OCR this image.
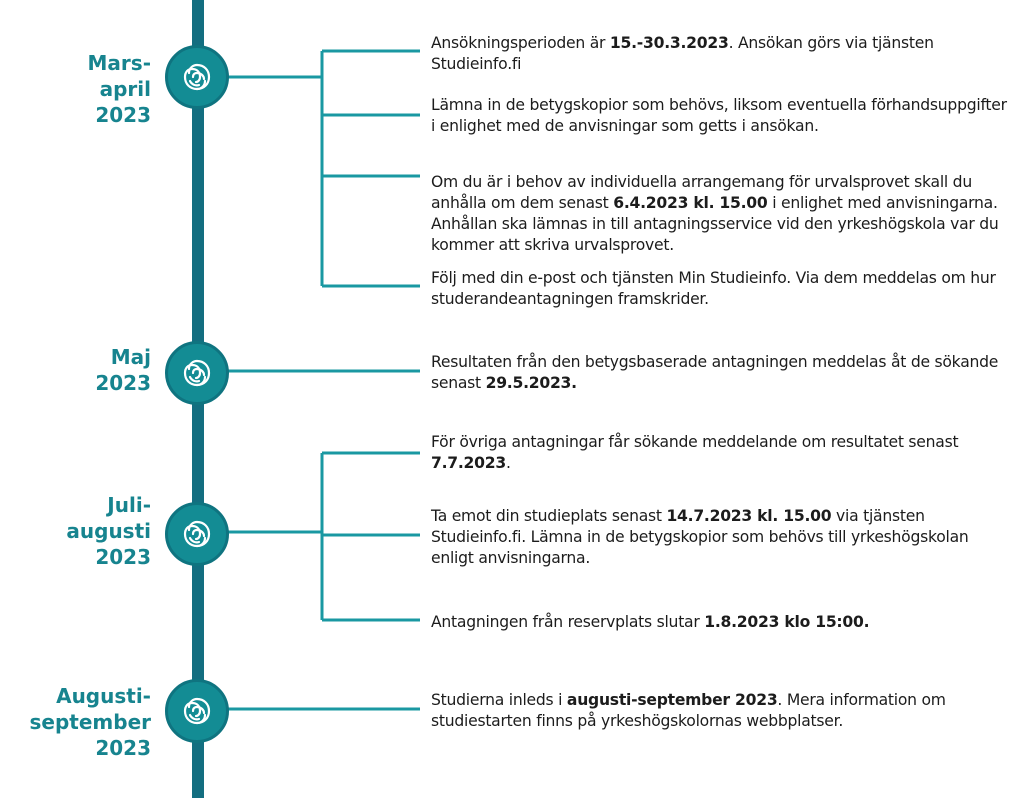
Mars-
april
2023
Maj
2023
Juli-
augusti
2023
Augusti-
september
2023
Ansökningsperioden är 15.-30.3.2023. Ansökan görs via tjänsten Studieinfo.fi
Lämna in de betygskopior som behövs, liksom eventuella förhandsuppgifter i enlighet med de anvisningar som getts i ansökan.
Om du är i behov av individuella arrangemang för urvalsprovet skall du anhålla om dem senast 6.4.2023 kl. 15.00 i enlighet med anvisningarna. Anhållan ska lämnas in till antagningsservice vid den yrkeshögskola var du kommer att skriva urvalsprovet.
Följ med din e-post och tjänsten Min Studieinfo. Via dem meddelas om hur studerandeantagningen framskrider.
Resultaten från den betygsbaserade antagningen meddelas åt de sökande senast 29.5.2023.
För övriga antagningar får sökande meddelande om resultatet senast 7.7.2023.
Ta emot din studieplats senast 14.7.2023 kl. 15.00 via tjänsten Studieinfo.fi. Lämna in de betygskopior som behövs till yrkeshögskolan enligt anvisningarna.
Antagningen från reservplats slutar 1.8.2023 klo 15:00.
Studierna inleds i augusti-september 2023. Mera information om studiestarten finns på yrkeshögskolornas webbplatser.
